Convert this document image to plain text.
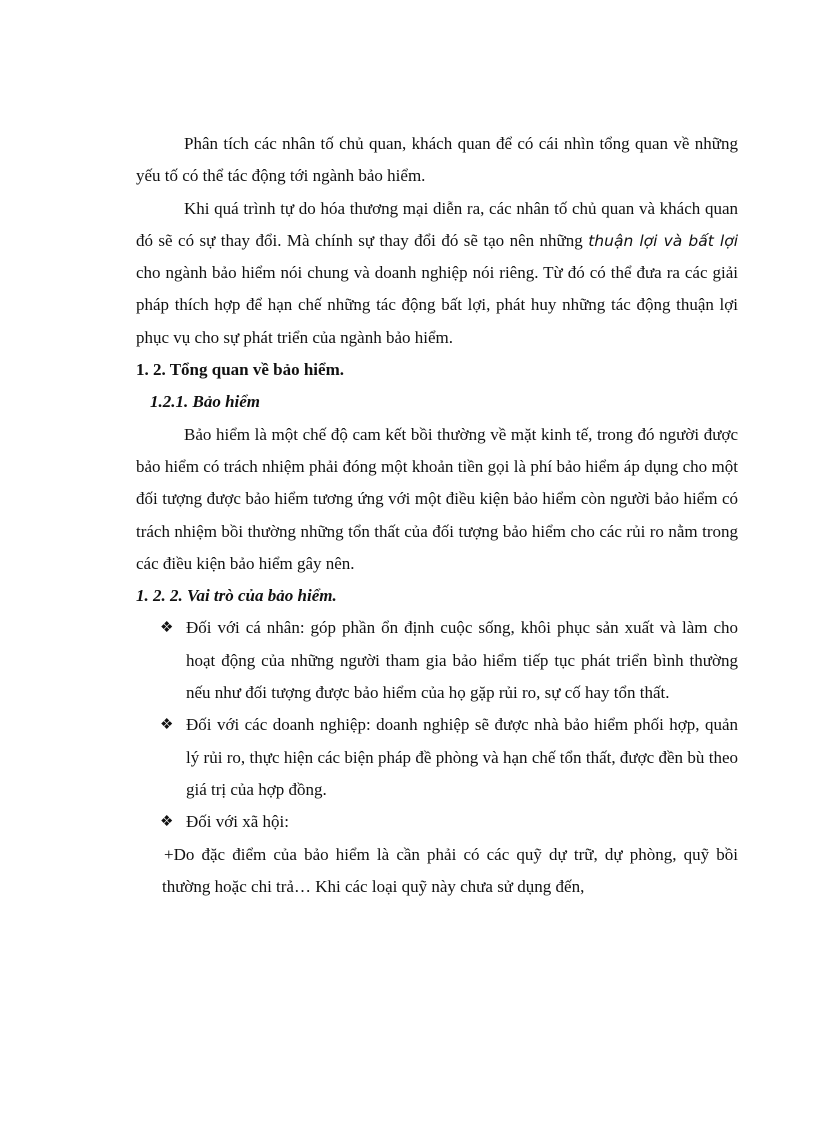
Phân tích các nhân tố chủ quan, khách quan để có cái nhìn tổng quan về những yếu tố có thể tác động tới ngành bảo hiểm.

Khi quá trình tự do hóa thương mại diễn ra, các nhân tố chủ quan và khách quan đó sẽ có sự thay đổi. Mà chính sự thay đổi đó sẽ tạo nên những thuận lợi và bất lợi cho ngành bảo hiểm nói chung và doanh nghiệp nói riêng. Từ đó có thể đưa ra các giải pháp thích hợp để hạn chế những tác động bất lợi, phát huy những tác động thuận lợi phục vụ cho sự phát triển của ngành bảo hiểm.

1. 2. Tổng quan về bảo hiểm.

1.2.1. Bảo hiểm

Bảo hiểm là một chế độ cam kết bồi thường về mặt kinh tế, trong đó người được bảo hiểm có trách nhiệm phải đóng một khoản tiền gọi là phí bảo hiểm áp dụng cho một đối tượng được bảo hiểm tương ứng với một điều kiện bảo hiểm còn người bảo hiểm có trách nhiệm bồi thường những tổn thất của đối tượng bảo hiểm cho các rủi ro nằm trong các điều kiện bảo hiểm gây nên.

1. 2. 2. Vai trò của bảo hiểm.

❖ Đối với cá nhân: góp phần ổn định cuộc sống, khôi phục sản xuất và làm cho hoạt động của những người tham gia bảo hiểm tiếp tục phát triển bình thường nếu như đối tượng được bảo hiểm của họ gặp rủi ro, sự cố hay tổn thất.
❖ Đối với các doanh nghiệp: doanh nghiệp sẽ được nhà bảo hiểm phối hợp, quản lý rủi ro, thực hiện các biện pháp đề phòng và hạn chế tổn thất, được đền bù theo giá trị của hợp đồng.
❖ Đối với xã hội:

+Do đặc điểm của bảo hiểm là cần phải có các quỹ dự trữ, dự phòng, quỹ bồi thường hoặc chi trả… Khi các loại quỹ này chưa sử dụng đến,
